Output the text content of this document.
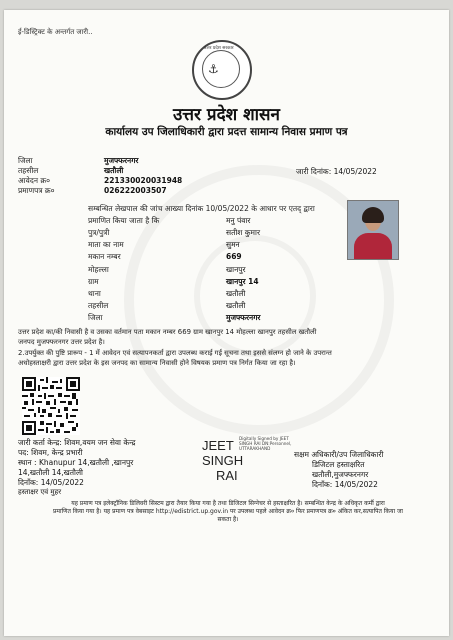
ई-डिस्ट्रिक्ट के अन्तर्गत जारी..
उत्तर प्रदेश सरकार
⚓
उत्तर प्रदेश शासन
कार्यालय उप जिलाधिकारी द्वारा प्रदत्त सामान्य निवास प्रमाण पत्र
जिला	मुजफ्फरनगर
तहसील	खतौली
आवेदन क्र०	221330020031948
प्रमाणपत्र क्र०	026222003507
जारी दिनांक: 14/05/2022
सम्बन्धित लेखपाल की जांच आख्या दिनांक 10/05/2022 के आधार पर एतद् द्वारा
प्रमाणित किया जाता है कि	मनु पंवार
पुत्र/पुत्री	सतीश कुमार
माता का नाम	सुमन
मकान नम्बर	669
मोहल्ला	खानपुर
ग्राम	खानपुर 14
थाना	खतौली
तहसील	खतौली
जिला	मुजफ्फरनगर
उत्तर प्रदेश का/की निवासी है व उसका वर्तमान पता मकान नम्बर 669 ग्राम खानपुर 14 मोहल्ला खानपुर तहसील खतौली
जनपद मुजफ्फरनगर उत्तर प्रदेश है।
2.उपर्युक्त की पुष्टि प्रारूप - 1 में आवेदन एवं सत्यापनकर्ता द्वारा उपलब्ध कराई गई सूचना तथा इससे संलग्न हो जाने के उपरान्त
अधोहस्ताक्षरी द्वारा उत्तर प्रदेश के इस जनपद का सामान्य निवासी होने विषयक प्रमाण पत्र निर्गत किया जा रहा है।
जारी कर्ता केन्द्र: शिवम,वयम जन सेवा केन्द्र
पद: शिवम, केन्द्र प्रभारी
स्थान : Khanupur 14,खतौली ,खानपुर
14,खतौली 14,खतौली
दिनाँक: 14/05/2022
हस्ताक्षर एवं मुहर
JEET
SINGH
RAI
Digitally Signed by JEET
SINGH RAI DN:Personnel,
UTTARAKHAND
सक्षम अधिकारी/उप जिलाधिकारी
डिजिटल हस्ताक्षरित
खतौली,मुजफ्फरनगर
दिनाँक: 14/05/2022
यह प्रमाण पत्र इलेक्ट्रॉनिक डिलिवरी सिस्टम द्वारा तैयार किया गया है तथा डिजिटल सिग्नेचर से हस्ताक्षरित है। सम्बन्धित केन्द्र के अधिकृत कर्मी द्वारा
प्रमाणित किया गया है। यह प्रमाण पत्र वेबसाइट http://edistrict.up.gov.in पर उपलब्ध पहले आवेदन क्र० फिर प्रमाणपत्र क्र० अंकित कर,सत्यापित किया जा
सकता है।
